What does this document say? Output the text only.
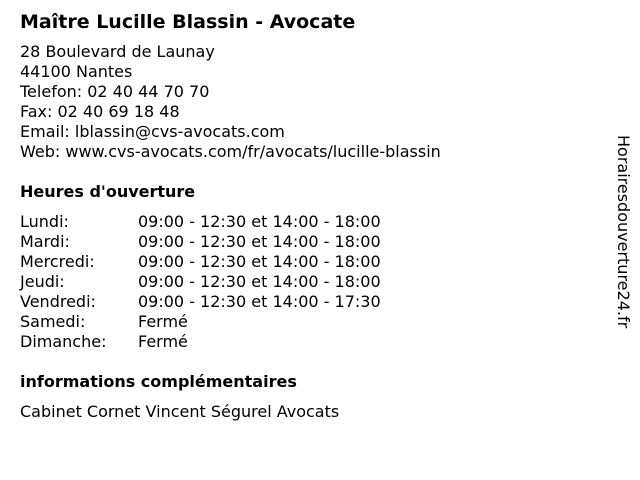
Maître Lucille Blassin - Avocate
28 Boulevard de Launay
44100 Nantes
Telefon: 02 40 44 70 70
Fax: 02 40 69 18 48
Email: lblassin@cvs-avocats.com
Web: www.cvs-avocats.com/fr/avocats/lucille-blassin
Heures d'ouverture
Lundi:	09:00 - 12:30 et 14:00 - 18:00
Mardi:	09:00 - 12:30 et 14:00 - 18:00
Mercredi:	09:00 - 12:30 et 14:00 - 18:00
Jeudi:	09:00 - 12:30 et 14:00 - 18:00
Vendredi:	09:00 - 12:30 et 14:00 - 17:30
Samedi:	Fermé
Dimanche:	Fermé
informations complémentaires
Cabinet Cornet Vincent Ségurel Avocats
Horairesdouverture24.fr
